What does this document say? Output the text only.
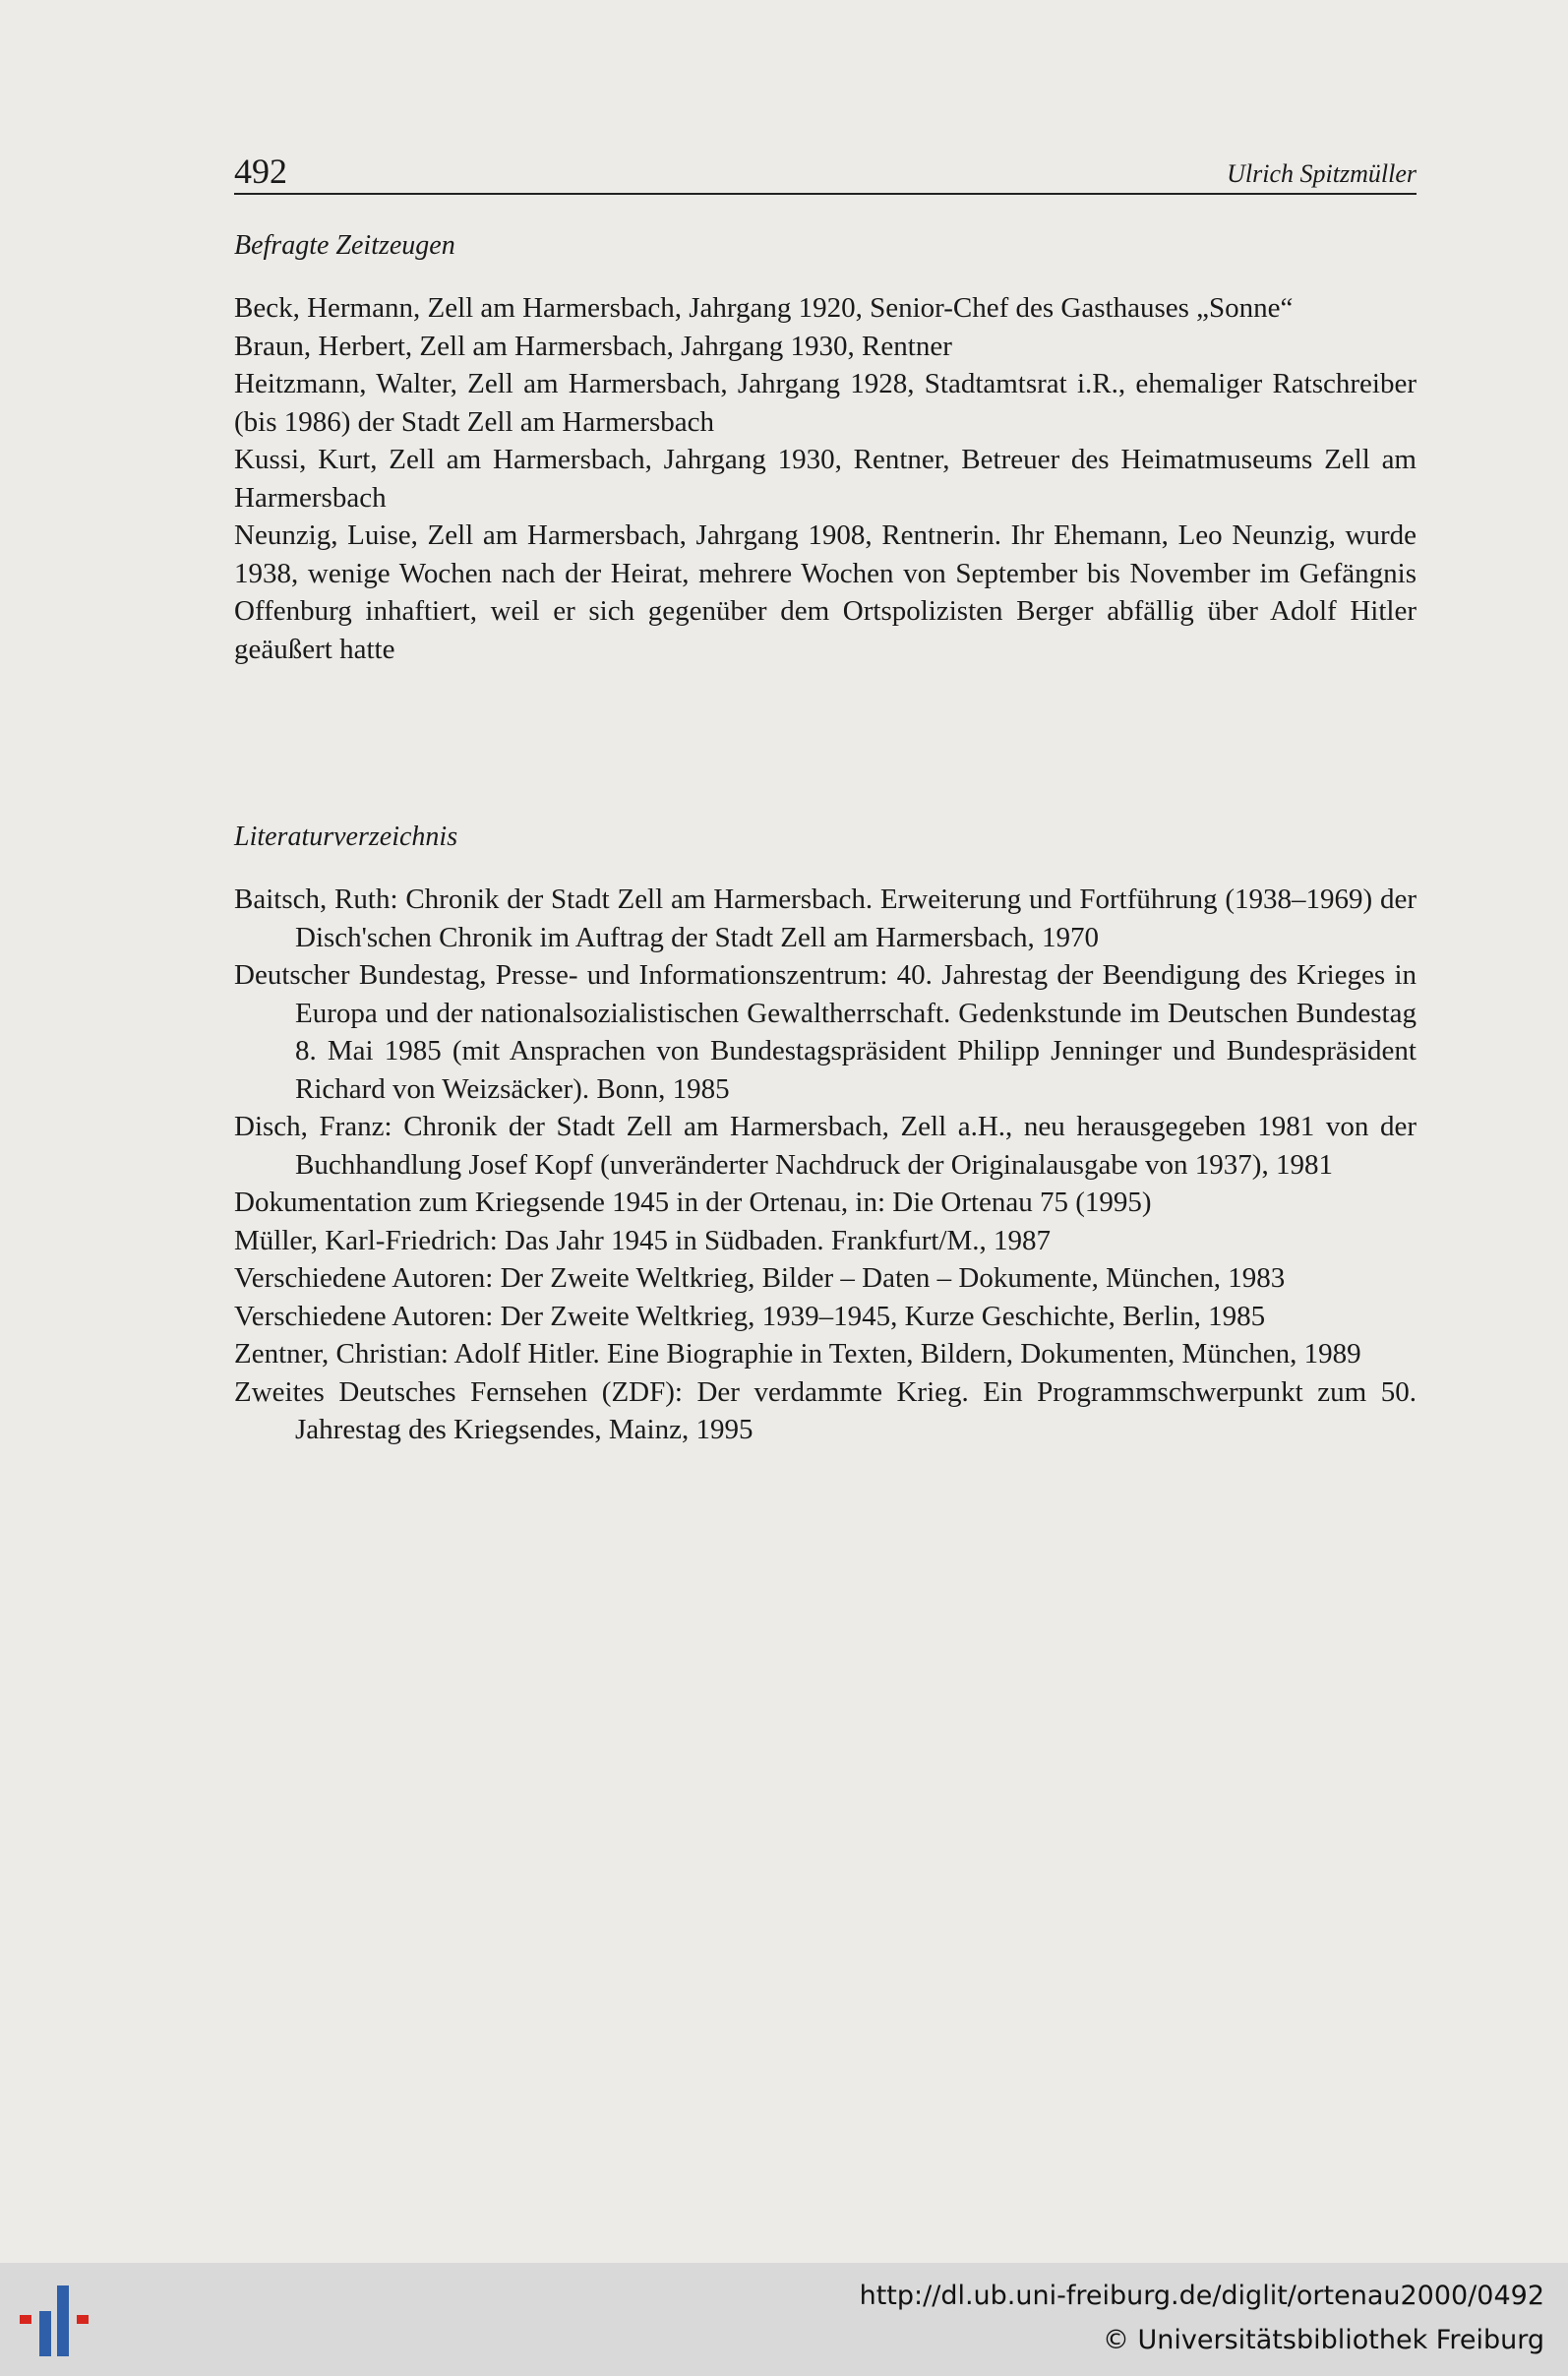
492	Ulrich Spitzmüller
Befragte Zeitzeugen
Beck, Hermann, Zell am Harmersbach, Jahrgang 1920, Senior-Chef des Gasthauses „Sonne“
Braun, Herbert, Zell am Harmersbach, Jahrgang 1930, Rentner
Heitzmann, Walter, Zell am Harmersbach, Jahrgang 1928, Stadtamtsrat i.R., ehemaliger Ratschreiber (bis 1986) der Stadt Zell am Harmersbach
Kussi, Kurt, Zell am Harmersbach, Jahrgang 1930, Rentner, Betreuer des Heimatmuseums Zell am Harmersbach
Neunzig, Luise, Zell am Harmersbach, Jahrgang 1908, Rentnerin. Ihr Ehemann, Leo Neunzig, wurde 1938, wenige Wochen nach der Heirat, mehrere Wochen von September bis November im Gefängnis Offenburg inhaftiert, weil er sich gegenüber dem Ortspolizisten Berger abfällig über Adolf Hitler geäußert hatte
Literaturverzeichnis
Baitsch, Ruth: Chronik der Stadt Zell am Harmersbach. Erweiterung und Fortführung (1938–1969) der Disch'schen Chronik im Auftrag der Stadt Zell am Harmersbach, 1970
Deutscher Bundestag, Presse- und Informationszentrum: 40. Jahrestag der Beendigung des Krieges in Europa und der nationalsozialistischen Gewaltherrschaft. Gedenkstunde im Deutschen Bundestag 8. Mai 1985 (mit Ansprachen von Bundestagspräsident Philipp Jenninger und Bundespräsident Richard von Weizsäcker). Bonn, 1985
Disch, Franz: Chronik der Stadt Zell am Harmersbach, Zell a.H., neu herausgegeben 1981 von der Buchhandlung Josef Kopf (unveränderter Nachdruck der Originalausgabe von 1937), 1981
Dokumentation zum Kriegsende 1945 in der Ortenau, in: Die Ortenau 75 (1995)
Müller, Karl-Friedrich: Das Jahr 1945 in Südbaden. Frankfurt/M., 1987
Verschiedene Autoren: Der Zweite Weltkrieg, Bilder – Daten – Dokumente, München, 1983
Verschiedene Autoren: Der Zweite Weltkrieg, 1939–1945, Kurze Geschichte, Berlin, 1985
Zentner, Christian: Adolf Hitler. Eine Biographie in Texten, Bildern, Dokumenten, München, 1989
Zweites Deutsches Fernsehen (ZDF): Der verdammte Krieg. Ein Programmschwerpunkt zum 50. Jahrestag des Kriegsendes, Mainz, 1995
http://dl.ub.uni-freiburg.de/diglit/ortenau2000/0492
© Universitätsbibliothek Freiburg
